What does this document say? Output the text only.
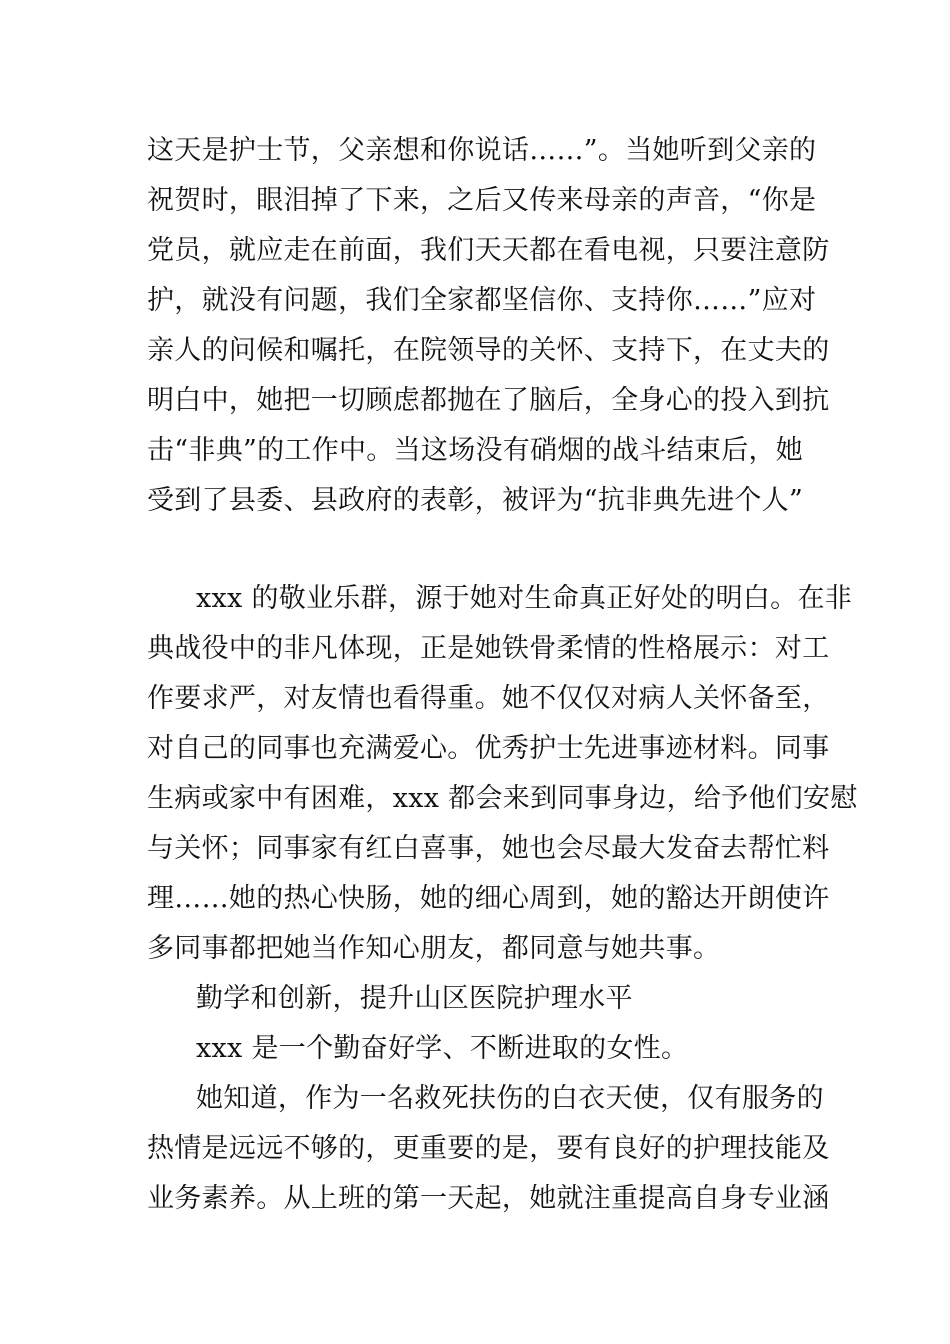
这天是护士节，父亲想和你说话……”。当她听到父亲的

祝贺时，眼泪掉了下来，之后又传来母亲的声音，“你是

党员，就应走在前面，我们天天都在看电视，只要注意防

护，就没有问题，我们全家都坚信你、支持你……”应对

亲人的问候和嘱托，在院领导的关怀、支持下，在丈夫的

明白中，她把一切顾虑都抛在了脑后，全身心的投入到抗

击“非典”的工作中。当这场没有硝烟的战斗结束后，她

受到了县委、县政府的表彰，被评为“抗非典先进个人”

xxx 的敬业乐群，源于她对生命真正好处的明白。在非

典战役中的非凡体现，正是她铁骨柔情的性格展示：对工

作要求严，对友情也看得重。她不仅仅对病人关怀备至，

对自己的同事也充满爱心。优秀护士先进事迹材料。同事

生病或家中有困难，xxx 都会来到同事身边，给予他们安慰

与关怀；同事家有红白喜事，她也会尽最大发奋去帮忙料

理……她的热心快肠，她的细心周到，她的豁达开朗使许

多同事都把她当作知心朋友，都同意与她共事。

勤学和创新，提升山区医院护理水平

xxx 是一个勤奋好学、不断进取的女性。

她知道，作为一名救死扶伤的白衣天使，仅有服务的

热情是远远不够的，更重要的是，要有良好的护理技能及

业务素养。从上班的第一天起，她就注重提高自身专业涵
